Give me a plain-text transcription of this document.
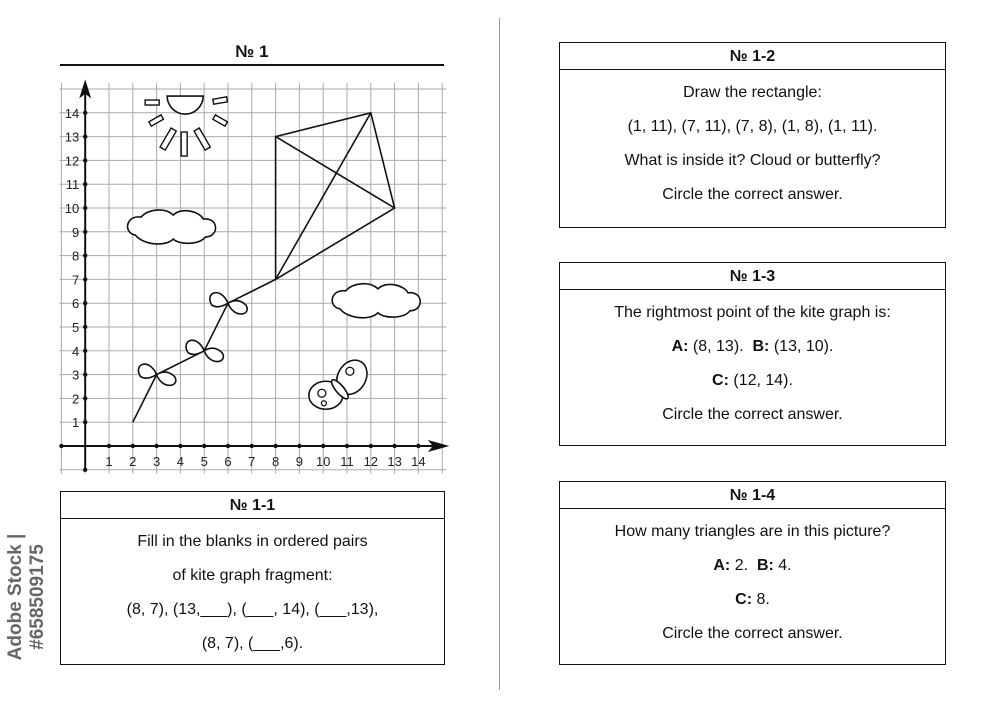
Adobe Stock | #658509175
№ 1
1 2 3 4 5 6 7 8 9 10 11 12 13 14
1
2
3
4
5
6
7
8
9
10
11
12
13
14
№ 1-1
Fill in the blanks in ordered pairs
of kite graph fragment:
(8, 7), (13,___), (___, 14), (___,13),
(8, 7), (___,6).
№ 1-2
Draw the rectangle:
(1, 11), (7, 11), (7, 8), (1, 8), (1, 11).
What is inside it? Cloud or butterfly?
Circle the correct answer.
№ 1-3
The rightmost point of the kite graph is:
A: (8, 13).  B: (13, 10).
C: (12, 14).
Circle the correct answer.
№ 1-4
How many triangles are in this picture?
A: 2.  B: 4.
C: 8.
Circle the correct answer.
